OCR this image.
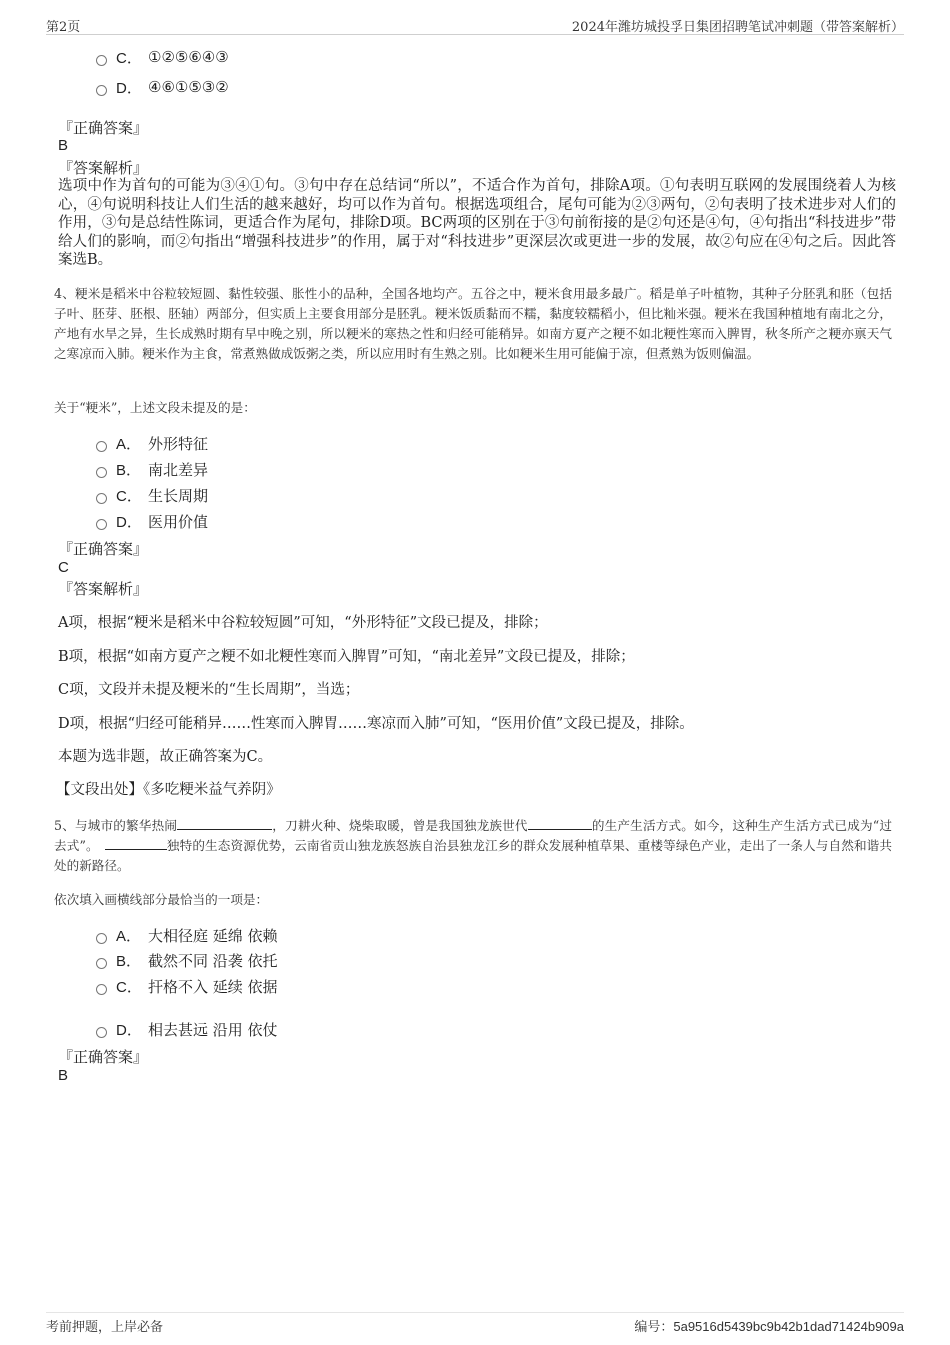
第2页	2024年潍坊城投孚日集团招聘笔试冲刺题（带答案解析）
C． ①②⑤⑥④③
D． ④⑥①⑤③②
『正确答案』
B
『答案解析』
选项中作为首句的可能为③④①句。③句中存在总结词“所以”，不适合作为首句，排除A项。①句表明互联网的发展围绕着人为核心，④句说明科技让人们生活的越来越好，均可以作为首句。根据选项组合，尾句可能为②③两句，②句表明了技术进步对人们的作用，③句是总结性陈词，更适合作为尾句，排除D项。BC两项的区别在于③句前衔接的是②句还是④句，④句指出“科技进步”带给人们的影响，而②句指出“增强科技进步”的作用，属于对“科技进步”更深层次或更进一步的发展，故②句应在④句之后。因此答案选B。
4、粳米是稻米中谷粒较短圆、黏性较强、胀性小的品种，全国各地均产。五谷之中，粳米食用最多最广。稻是单子叶植物，其种子分胚乳和胚（包括子叶、胚芽、胚根、胚轴）两部分，但实质上主要食用部分是胚乳。粳米饭质黏而不糯，黏度较糯稻小，但比籼米强。粳米在我国种植地有南北之分，产地有水旱之异，生长成熟时期有早中晚之别，所以粳米的寒热之性和归经可能稍异。如南方夏产之粳不如北粳性寒而入脾胃，秋冬所产之粳亦禀天气之寒凉而入肺。粳米作为主食，常煮熟做成饭粥之类，所以应用时有生熟之别。比如粳米生用可能偏于凉，但煮熟为饭则偏温。
关于“粳米”，上述文段未提及的是：
A． 外形特征
B． 南北差异
C． 生长周期
D． 医用价值
『正确答案』
C
『答案解析』
A项，根据“粳米是稻米中谷粒较短圆”可知，“外形特征”文段已提及，排除；
B项，根据“如南方夏产之粳不如北粳性寒而入脾胃”可知，“南北差异”文段已提及，排除；
C项，文段并未提及粳米的“生长周期”，当选；
D项，根据“归经可能稍异……性寒而入脾胃……寒凉而入肺”可知，“医用价值”文段已提及，排除。
本题为选非题，故正确答案为C。
【文段出处】《多吃粳米益气养阴》
5、与城市的繁华热闹	，刀耕火种、烧柴取暖，曾是我国独龙族世代	的生产生活方式。如今，这种生产生活方式已成为“过去式”。	独特的生态资源优势，云南省贡山独龙族怒族自治县独龙江乡的群众发展种植草果、重楼等绿色产业，走出了一条人与自然和谐共处的新路径。
依次填入画横线部分最恰当的一项是：
A． 大相径庭 延绵 依赖
B． 截然不同 沿袭 依托
C． 扞格不入 延续 依据
D． 相去甚远 沿用 依仗
『正确答案』
B
考前押题，上岸必备	编号：5a9516d5439bc9b42b1dad71424b909a
